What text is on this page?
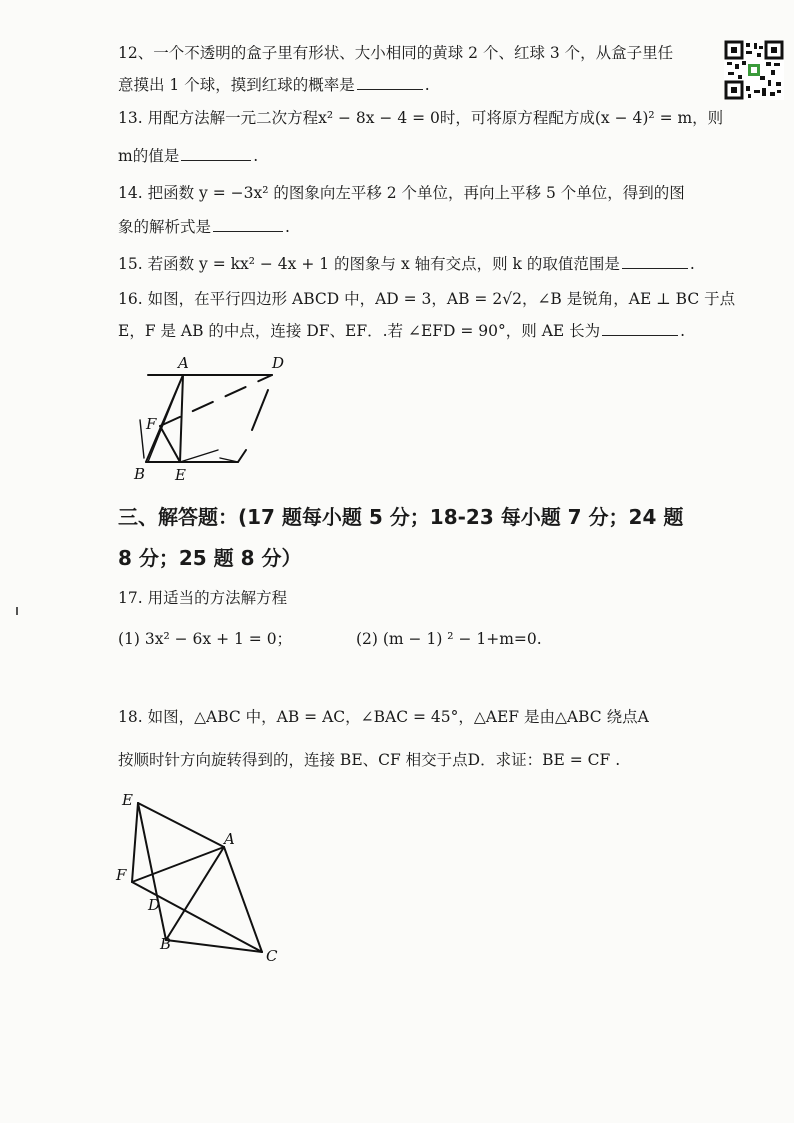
12、一个不透明的盒子里有形状、大小相同的黄球 2 个、红球 3 个，从盒子里任
意摸出 1 个球，摸到红球的概率是	.
13. 用配方法解一元二次方程x² − 8x − 4 = 0时，可将原方程配方成(x − 4)² = m，则
m的值是	.
14. 把函数 y = −3x² 的图象向左平移 2 个单位，再向上平移 5 个单位，得到的图
象的解析式是	.
15. 若函数 y = kx² − 4x + 1 的图象与 x 轴有交点，则 k 的取值范围是	.
16. 如图，在平行四边形 ABCD 中，AD = 3，AB = 2√2，∠B 是锐角，AE ⊥ BC 于点
E，F 是 AB 的中点，连接 DF、EF．.若 ∠EFD = 90°，则 AE 长为	.
A	D
F
B E
三、解答题：(17 题每小题 5 分；18-23 每小题 7 分；24 题
8 分；25 题 8 分）
17. 用适当的方法解方程
(1) 3x² − 6x + 1 = 0；	(2) (m − 1) ² − 1+m=0.
18. 如图，△ABC 中，AB = AC，∠BAC = 45°，△AEF 是由△ABC 绕点A
按顺时针方向旋转得到的，连接 BE、CF 相交于点D．求证：BE = CF .
E
A
F
D
B
C
